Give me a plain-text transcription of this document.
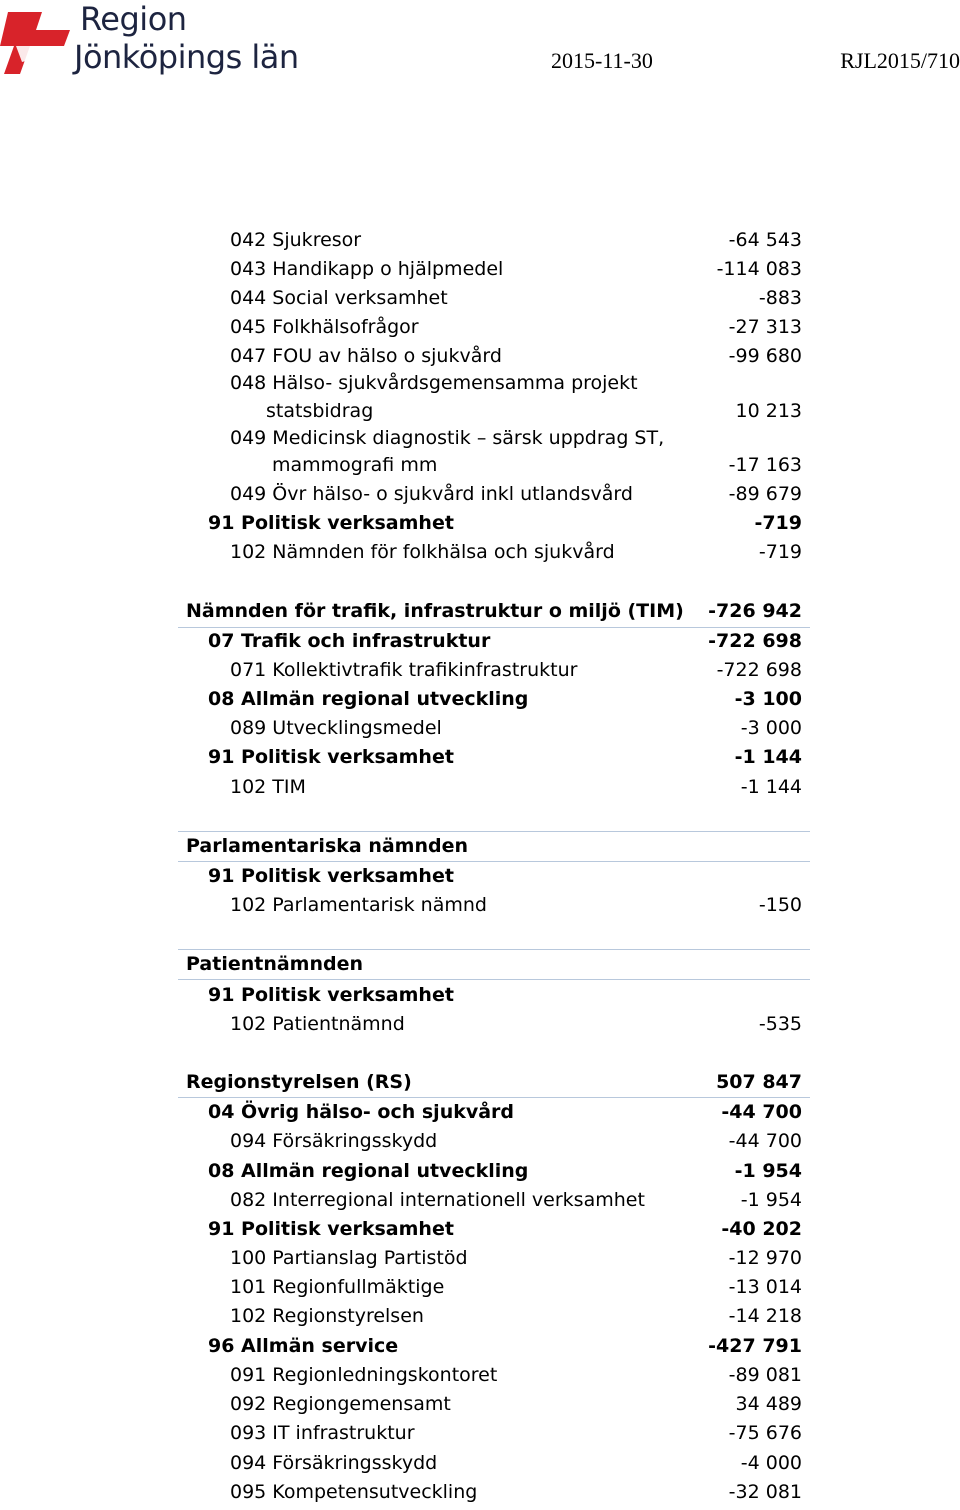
Region
Jönköpings län	2015-11-30	RJL2015/710
042 Sjukresor	-64 543
043 Handikapp o hjälpmedel	-114 083
044 Social verksamhet	-883
045 Folkhälsofrågor	-27 313
047 FOU av hälso o sjukvård	-99 680
048 Hälso- sjukvårdsgemensamma projekt
statsbidrag	10 213
049 Medicinsk diagnostik – särsk uppdrag ST,
mammografi mm	-17 163
049 Övr hälso- o sjukvård inkl utlandsvård	-89 679
91 Politisk verksamhet	-719
102 Nämnden för folkhälsa och sjukvård	-719
Nämnden för trafik, infrastruktur o miljö (TIM) -726 942
07 Trafik och infrastruktur	-722 698
071 Kollektivtrafik trafikinfrastruktur	-722 698
08 Allmän regional utveckling	-3 100
089 Utvecklingsmedel	-3 000
91 Politisk verksamhet	-1 144
102 TIM	-1 144
Parlamentariska nämnden
91 Politisk verksamhet
102 Parlamentarisk nämnd	-150
Patientnämnden
91 Politisk verksamhet
102 Patientnämnd	-535
Regionstyrelsen (RS)	507 847
04 Övrig hälso- och sjukvård	-44 700
094 Försäkringsskydd	-44 700
08 Allmän regional utveckling	-1 954
082 Interregional internationell verksamhet	-1 954
91 Politisk verksamhet	-40 202
100 Partianslag Partistöd	-12 970
101 Regionfullmäktige	-13 014
102 Regionstyrelsen	-14 218
96 Allmän service	-427 791
091 Regionledningskontoret	-89 081
092 Regiongemensamt	34 489
093 IT infrastruktur	-75 676
094 Försäkringsskydd	-4 000
095 Kompetensutveckling	-32 081
